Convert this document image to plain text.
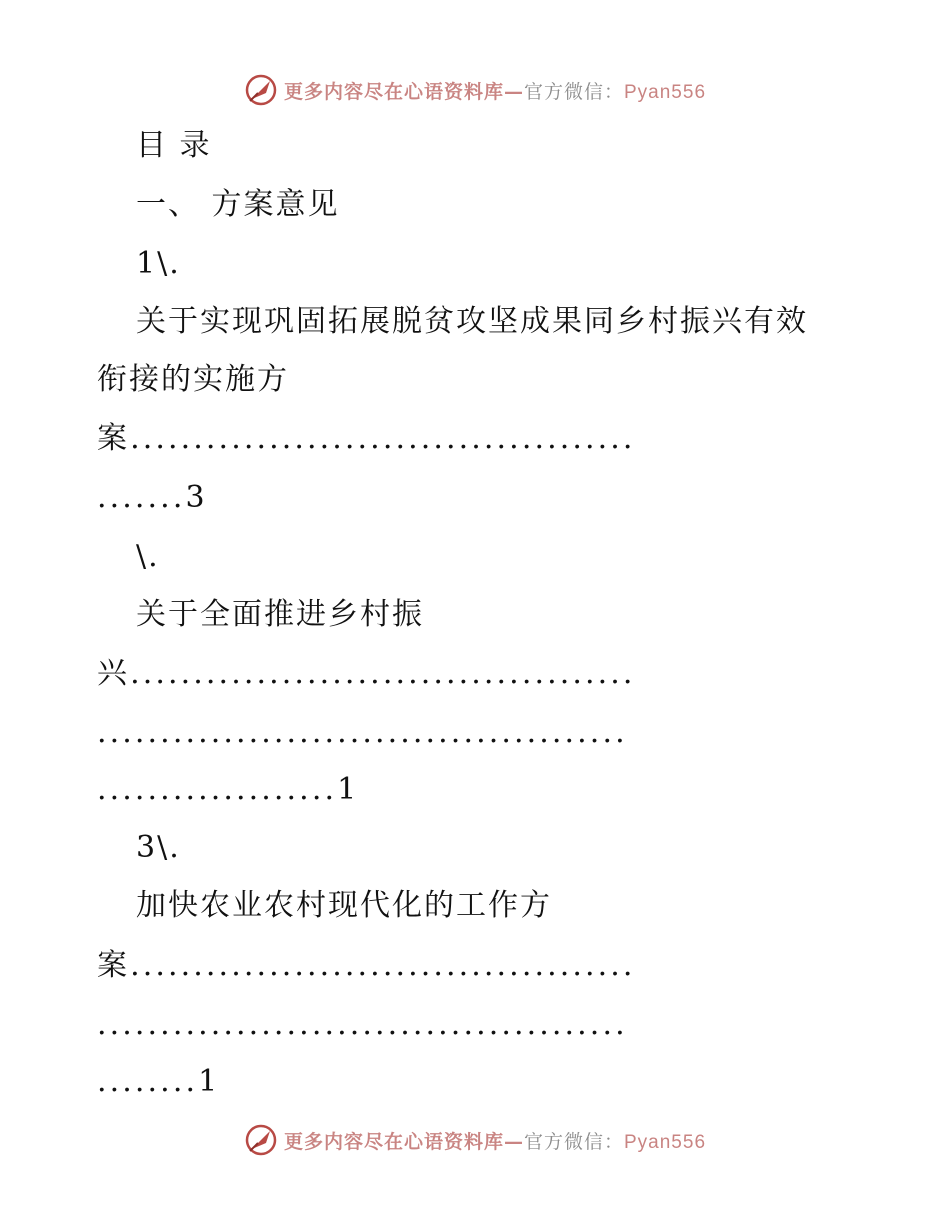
更多内容尽在心语资料库—官方微信：Pyan556
目 录
一、 方案意见
1\.
关于实现巩固拓展脱贫攻坚成果同乡村振兴有效
衔接的实施方
案........................................
.......3
\.
关于全面推进乡村振
兴........................................
..........................................
...................1
3\.
加快农业农村现代化的工作方
案........................................
..........................................
........1
更多内容尽在心语资料库—官方微信：Pyan556
